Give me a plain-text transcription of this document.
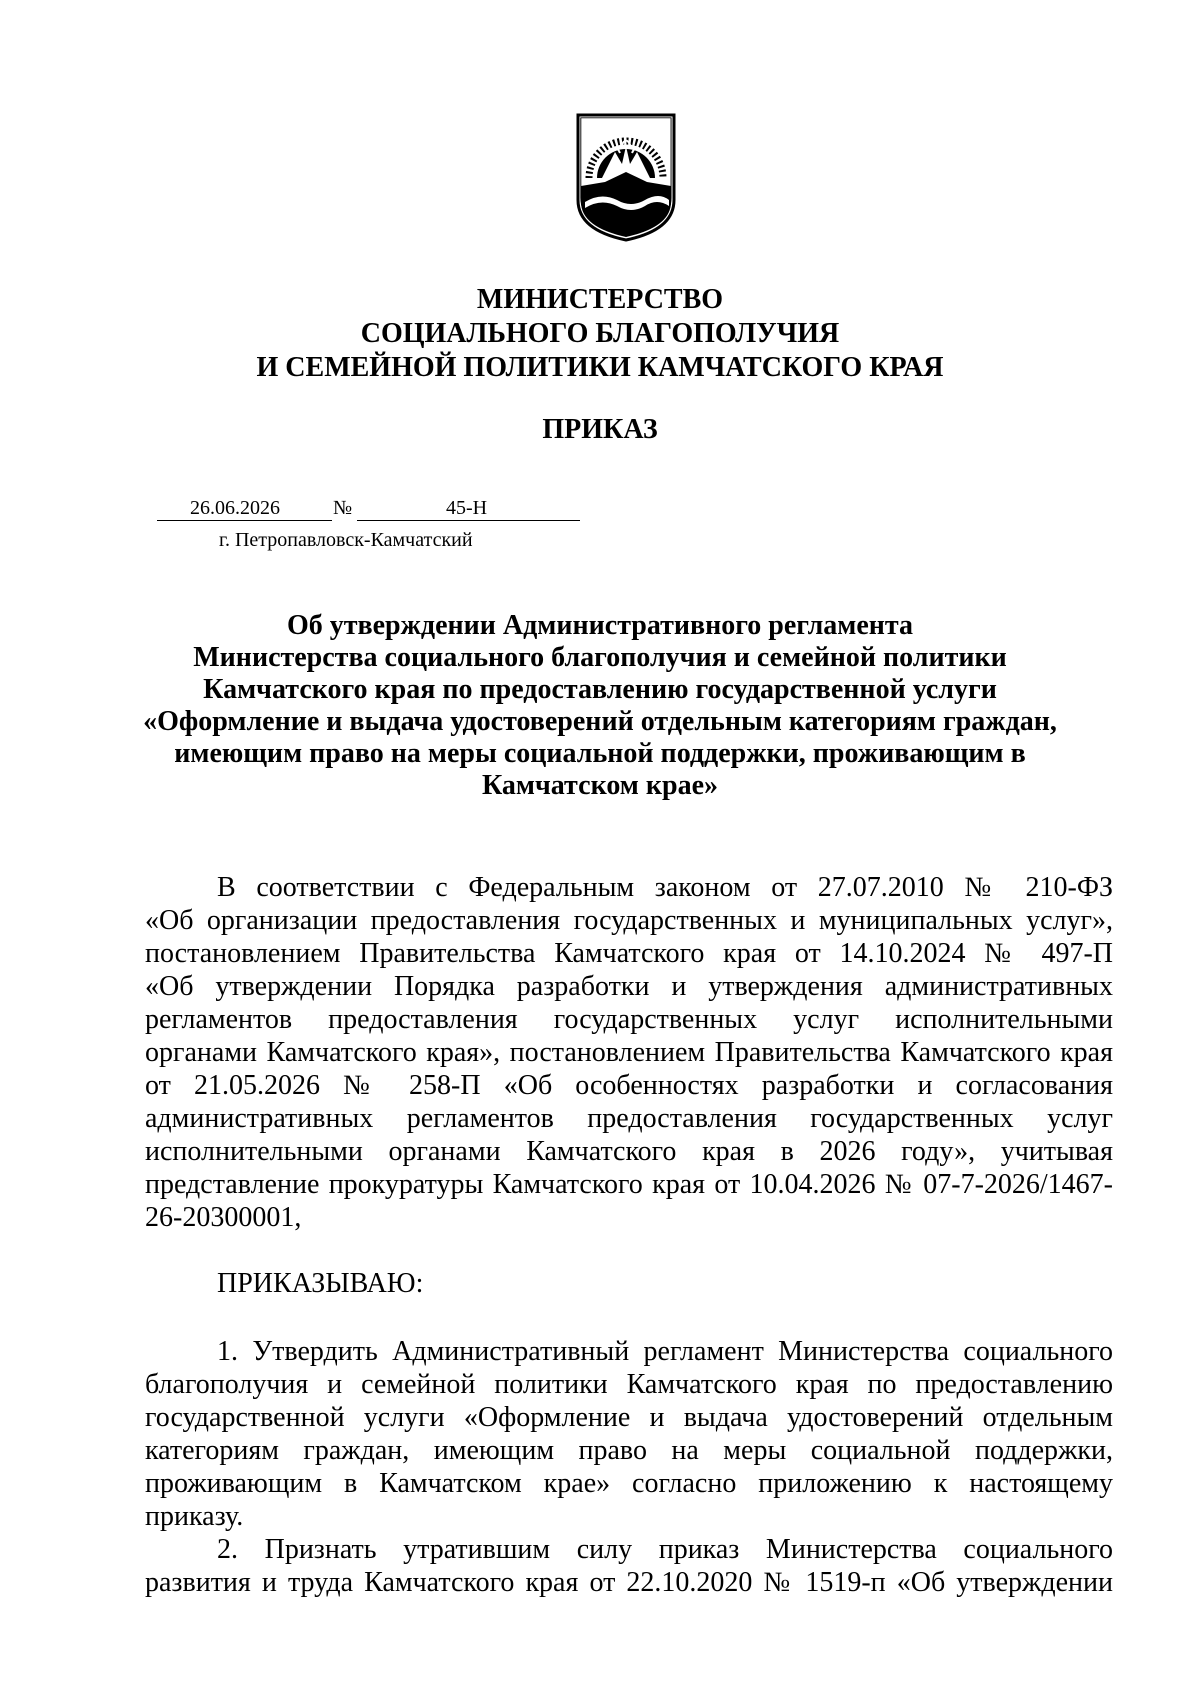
МИНИСТЕРСТВО
СОЦИАЛЬНОГО БЛАГОПОЛУЧИЯ
И СЕМЕЙНОЙ ПОЛИТИКИ КАМЧАТСКОГО КРАЯ
ПРИКАЗ
26.06.2026	№	45-Н
г. Петропавловск-Камчатский
Об утверждении Административного регламента
Министерства социального благополучия и семейной политики
Камчатского края по предоставлению государственной услуги
«Оформление и выдача удостоверений отдельным категориям граждан,
имеющим право на меры социальной поддержки, проживающим в
Камчатском крае»
В соответствии с Федеральным законом от 27.07.2010 № 210-ФЗ
«Об организации предоставления государственных и муниципальных услуг»,
постановлением Правительства Камчатского края от 14.10.2024 № 497-П
«Об утверждении Порядка разработки и утверждения административных
регламентов предоставления государственных услуг исполнительными
органами Камчатского края», постановлением Правительства Камчатского края
от 21.05.2026 № 258-П «Об особенностях разработки и согласования
административных регламентов предоставления государственных услуг
исполнительными органами Камчатского края в 2026 году», учитывая
представление прокуратуры Камчатского края от 10.04.2026 № 07-7-2026/1467-
26-20300001,
ПРИКАЗЫВАЮ:
1. Утвердить Административный регламент Министерства социального
благополучия и семейной политики Камчатского края по предоставлению
государственной услуги «Оформление и выдача удостоверений отдельным
категориям граждан, имеющим право на меры социальной поддержки,
проживающим в Камчатском крае» согласно приложению к настоящему
приказу.
2. Признать утратившим силу приказ Министерства социального
развития и труда Камчатского края от 22.10.2020 № 1519-п «Об утверждении
